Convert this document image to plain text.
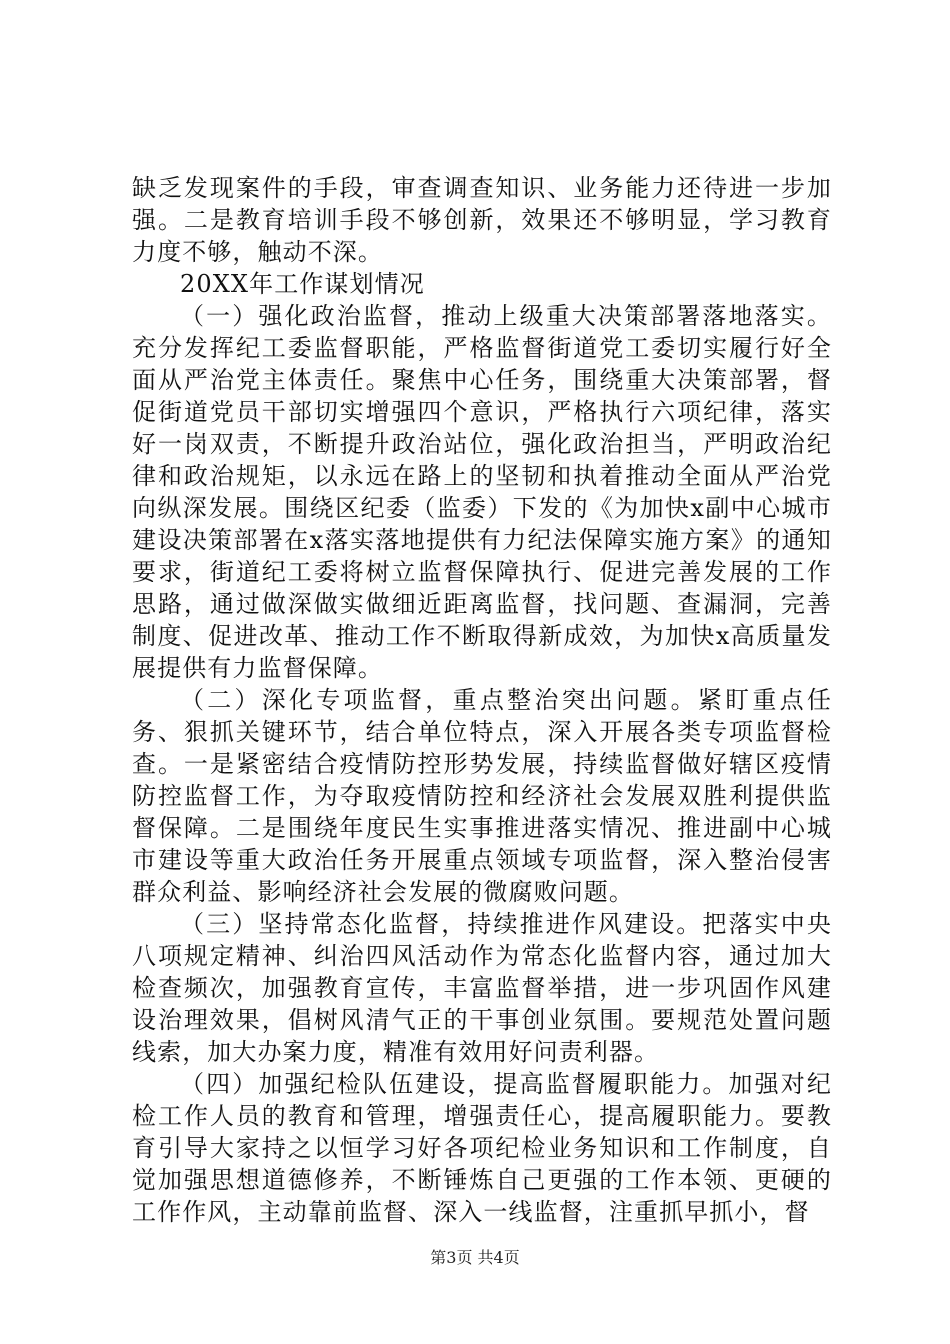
缺乏发现案件的手段，审查调查知识、业务能力还待进一步加强。二是教育培训手段不够创新，效果还不够明显，学习教育力度不够，触动不深。

20XX年工作谋划情况

（一）强化政治监督，推动上级重大决策部署落地落实。充分发挥纪工委监督职能，严格监督街道党工委切实履行好全面从严治党主体责任。聚焦中心任务，围绕重大决策部署，督促街道党员干部切实增强四个意识，严格执行六项纪律，落实好一岗双责，不断提升政治站位，强化政治担当，严明政治纪律和政治规矩，以永远在路上的坚韧和执着推动全面从严治党向纵深发展。围绕区纪委（监委）下发的《为加快x副中心城市建设决策部署在x落实落地提供有力纪法保障实施方案》的通知要求，街道纪工委将树立监督保障执行、促进完善发展的工作思路，通过做深做实做细近距离监督，找问题、查漏洞，完善制度、促进改革、推动工作不断取得新成效，为加快x高质量发展提供有力监督保障。

（二）深化专项监督，重点整治突出问题。紧盯重点任务、狠抓关键环节，结合单位特点，深入开展各类专项监督检查。一是紧密结合疫情防控形势发展，持续监督做好辖区疫情防控监督工作，为夺取疫情防控和经济社会发展双胜利提供监督保障。二是围绕年度民生实事推进落实情况、推进副中心城市建设等重大政治任务开展重点领域专项监督，深入整治侵害群众利益、影响经济社会发展的微腐败问题。

（三）坚持常态化监督，持续推进作风建设。把落实中央八项规定精神、纠治四风活动作为常态化监督内容，通过加大检查频次，加强教育宣传，丰富监督举措，进一步巩固作风建设治理效果，倡树风清气正的干事创业氛围。要规范处置问题线索，加大办案力度，精准有效用好问责利器。

（四）加强纪检队伍建设，提高监督履职能力。加强对纪检工作人员的教育和管理，增强责任心，提高履职能力。要教育引导大家持之以恒学习好各项纪检业务知识和工作制度，自觉加强思想道德修养，不断锤炼自己更强的工作本领、更硬的工作作风，主动靠前监督、深入一线监督，注重抓早抓小，督

第3页 共4页
